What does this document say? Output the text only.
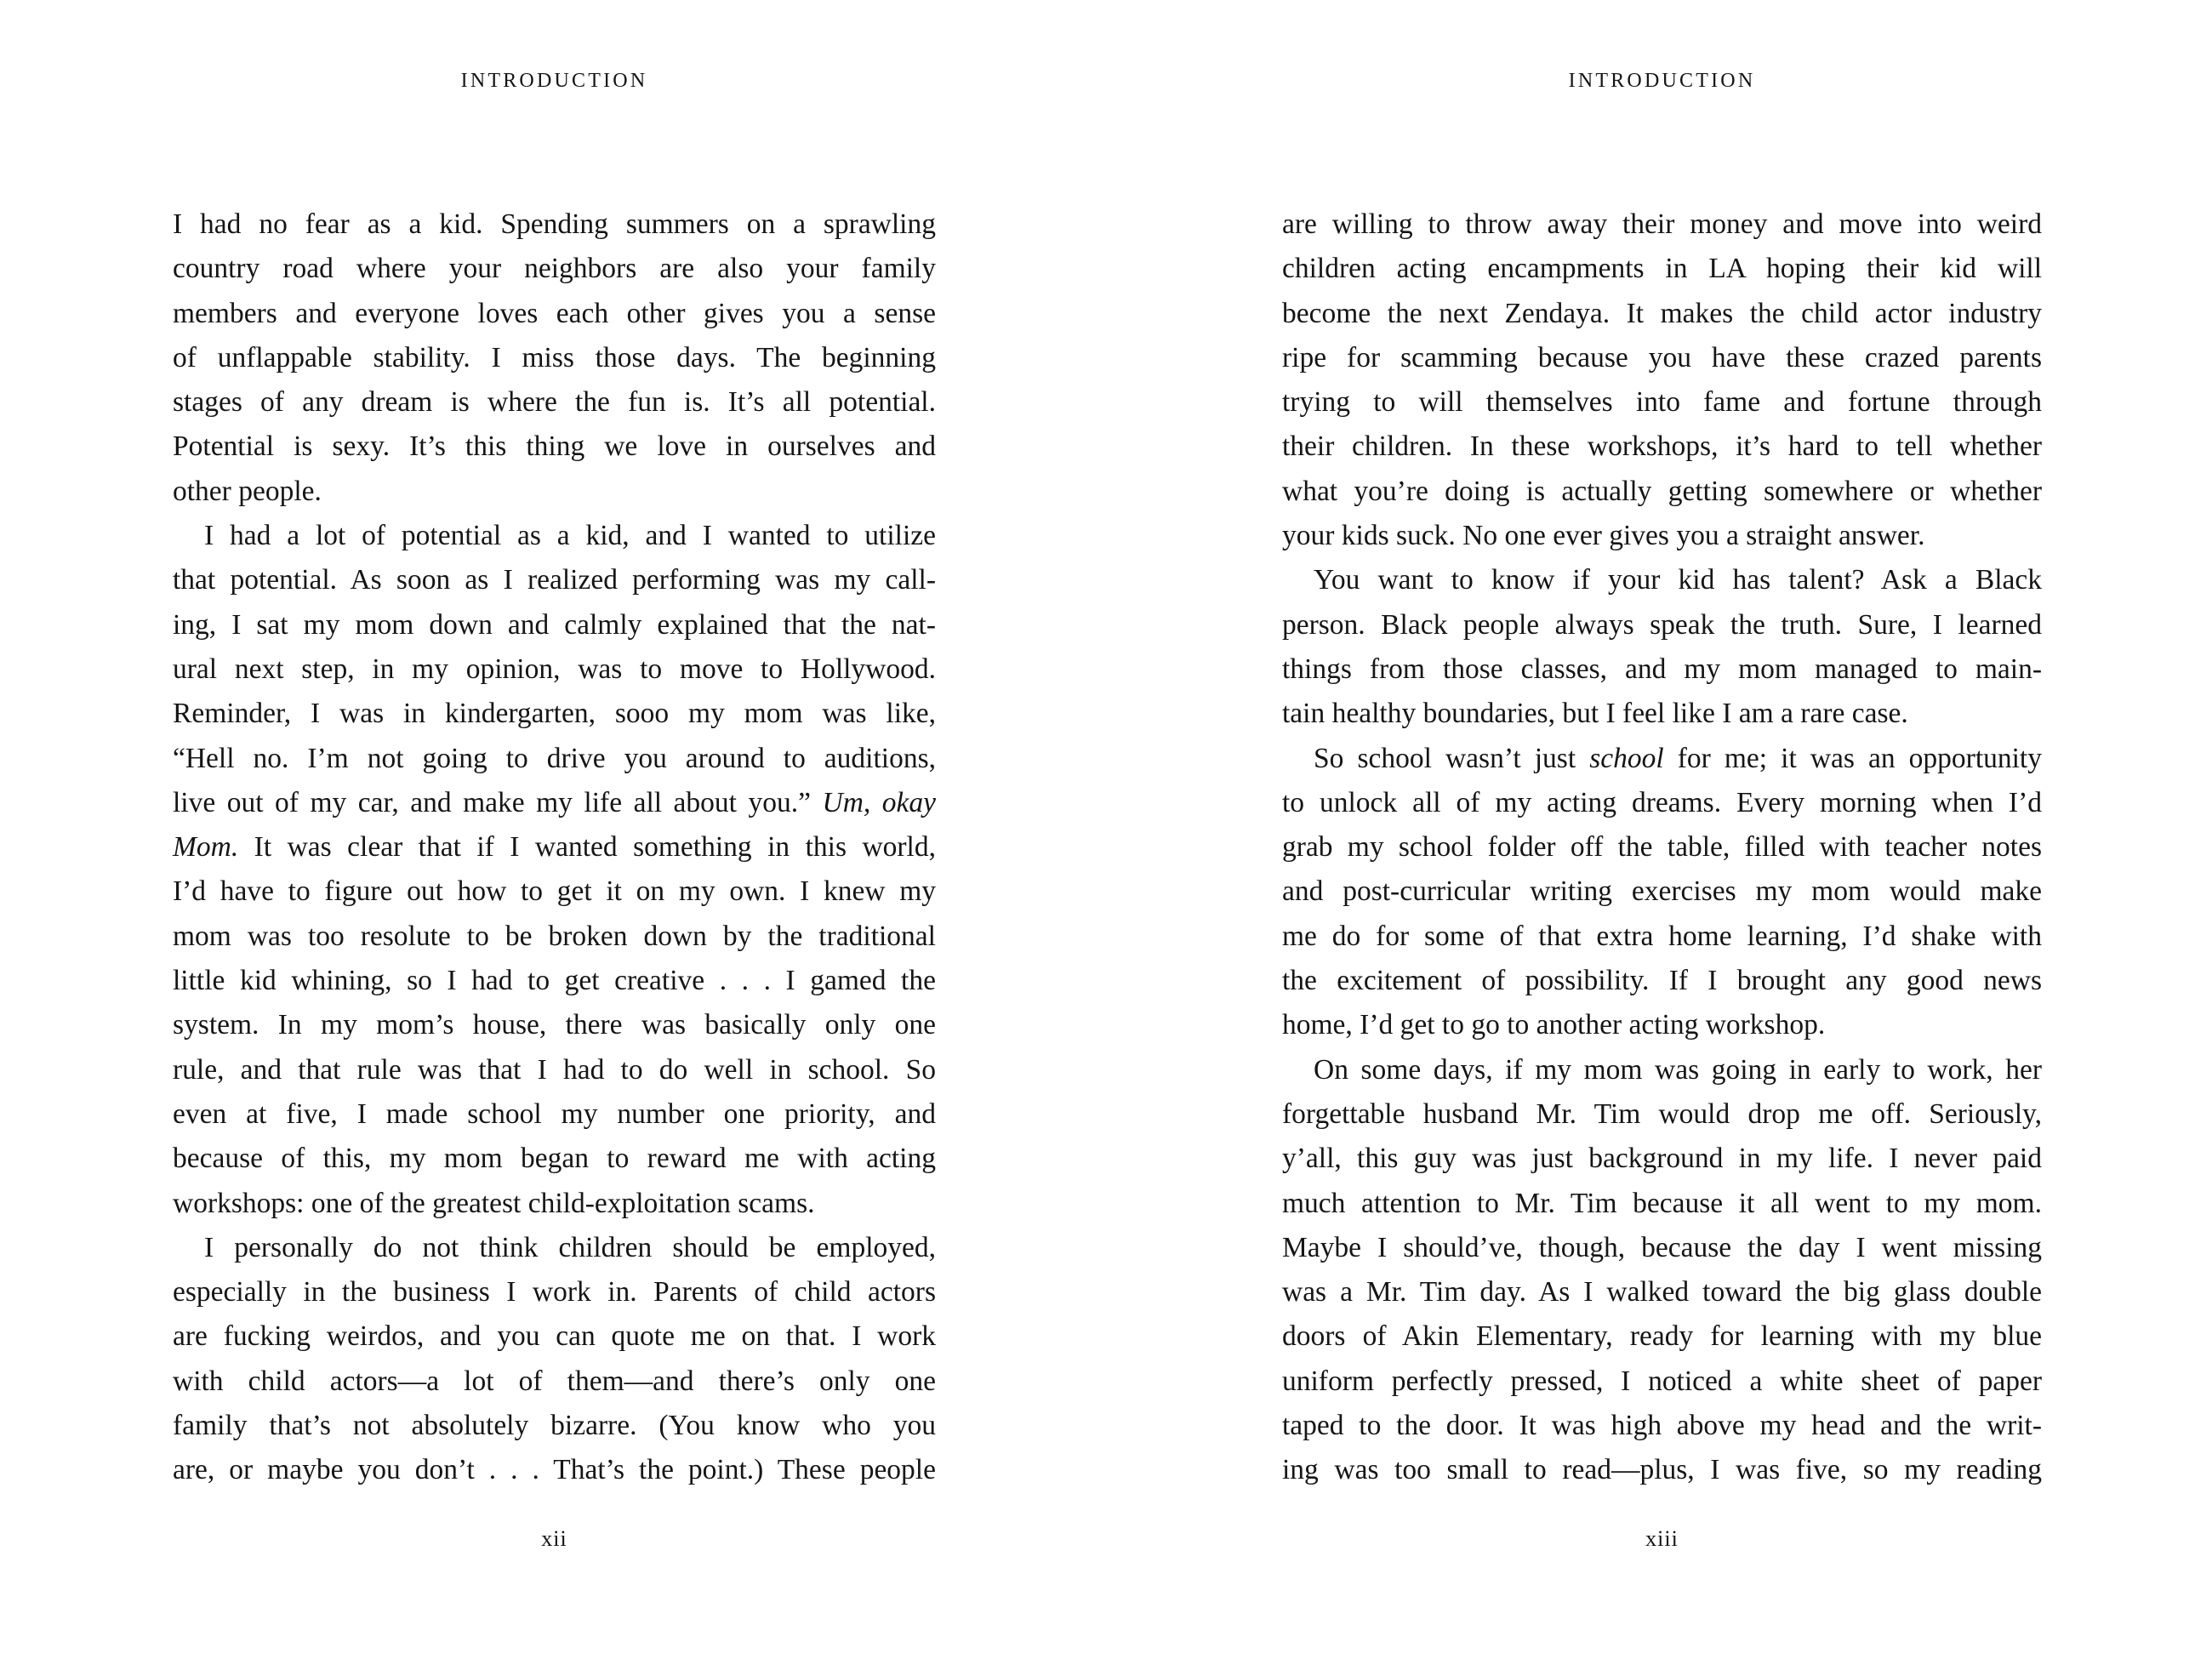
INTRODUCTION

I had no fear as a kid. Spending summers on a sprawling

country road where your neighbors are also your family

members and everyone loves each other gives you a sense

of unflappable stability. I miss those days. The beginning

stages of any dream is where the fun is. It’s all potential.

Potential is sexy. It’s this thing we love in ourselves and

other people.

I had a lot of potential as a kid, and I wanted to utilize

that potential. As soon as I realized performing was my call-

ing, I sat my mom down and calmly explained that the nat-

ural next step, in my opinion, was to move to Hollywood.

Reminder, I was in kindergarten, sooo my mom was like,

“Hell no. I’m not going to drive you around to auditions,

live out of my car, and make my life all about you.” Um, okay

Mom. It was clear that if I wanted something in this world,

I’d have to figure out how to get it on my own. I knew my

mom was too resolute to be broken down by the traditional

little kid whining, so I had to get creative . . . I gamed the

system. In my mom’s house, there was basically only one

rule, and that rule was that I had to do well in school. So

even at five, I made school my number one priority, and

because of this, my mom began to reward me with acting

workshops: one of the greatest child-exploitation scams.

I personally do not think children should be employed,

especially in the business I work in. Parents of child actors

are fucking weirdos, and you can quote me on that. I work

with child actors—a lot of them—and there’s only one

family that’s not absolutely bizarre. (You know who you

are, or maybe you don’t . . . That’s the point.) These people

xii
INTRODUCTION

are willing to throw away their money and move into weird

children acting encampments in LA hoping their kid will

become the next Zendaya. It makes the child actor industry

ripe for scamming because you have these crazed parents

trying to will themselves into fame and fortune through

their children. In these workshops, it’s hard to tell whether

what you’re doing is actually getting somewhere or whether

your kids suck. No one ever gives you a straight answer.

You want to know if your kid has talent? Ask a Black

person. Black people always speak the truth. Sure, I learned

things from those classes, and my mom managed to main-

tain healthy boundaries, but I feel like I am a rare case.

So school wasn’t just school for me; it was an opportunity

to unlock all of my acting dreams. Every morning when I’d

grab my school folder off the table, filled with teacher notes

and post-curricular writing exercises my mom would make

me do for some of that extra home learning, I’d shake with

the excitement of possibility. If I brought any good news

home, I’d get to go to another acting workshop.

On some days, if my mom was going in early to work, her

forgettable husband Mr. Tim would drop me off. Seriously,

y’all, this guy was just background in my life. I never paid

much attention to Mr. Tim because it all went to my mom.

Maybe I should’ve, though, because the day I went missing

was a Mr. Tim day. As I walked toward the big glass double

doors of Akin Elementary, ready for learning with my blue

uniform perfectly pressed, I noticed a white sheet of paper

taped to the door. It was high above my head and the writ-

ing was too small to read—plus, I was five, so my reading

xiii
